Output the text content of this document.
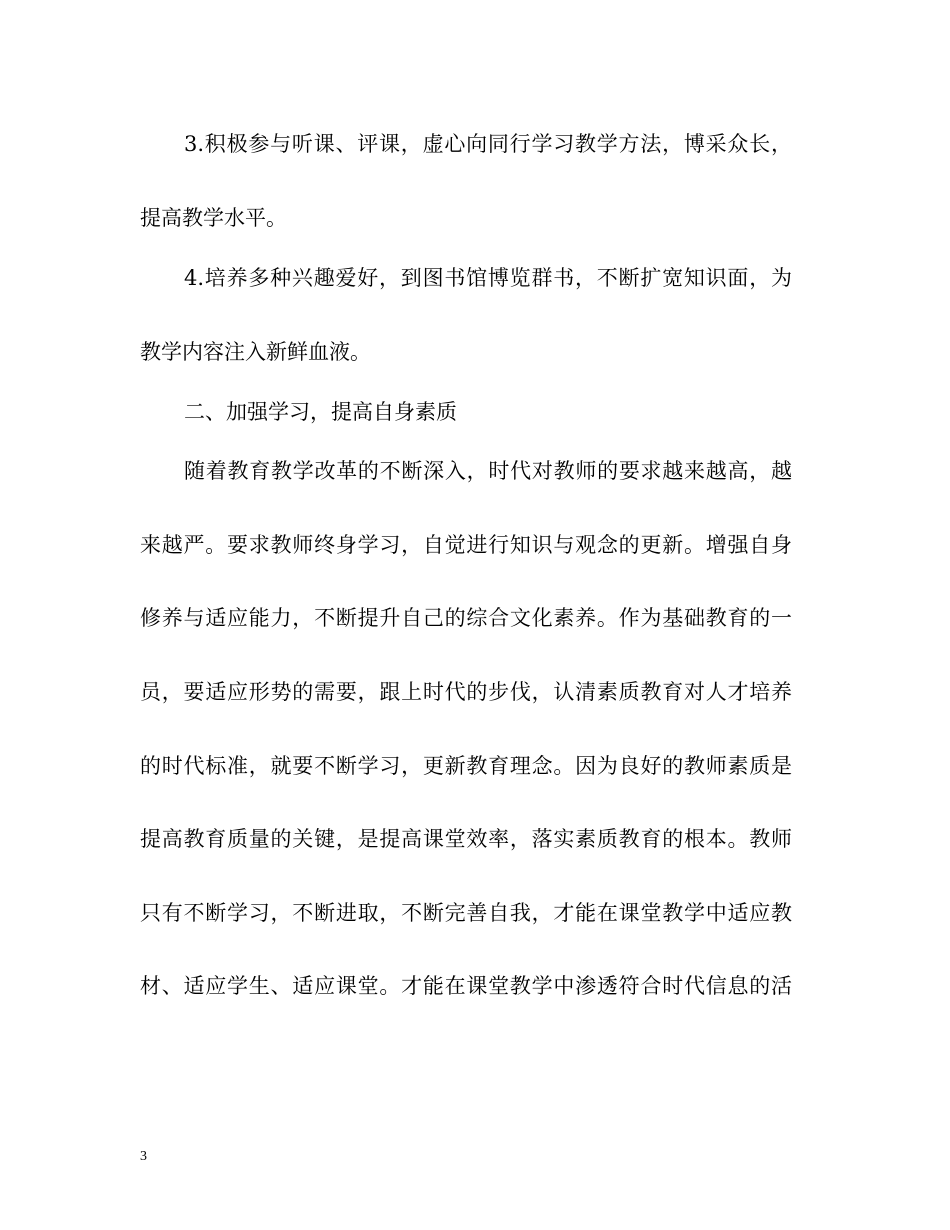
3.积极参与听课、评课，虚心向同行学习教学方法，博采众长，
提高教学水平。
4.培养多种兴趣爱好，到图书馆博览群书，不断扩宽知识面，为
教学内容注入新鲜血液。
二、加强学习，提高自身素质
随着教育教学改革的不断深入，时代对教师的要求越来越高，越
来越严。要求教师终身学习，自觉进行知识与观念的更新。增强自身
修养与适应能力，不断提升自己的综合文化素养。作为基础教育的一
员，要适应形势的需要，跟上时代的步伐，认清素质教育对人才培养
的时代标准，就要不断学习，更新教育理念。因为良好的教师素质是
提高教育质量的关键，是提高课堂效率，落实素质教育的根本。教师
只有不断学习，不断进取，不断完善自我，才能在课堂教学中适应教
材、适应学生、适应课堂。才能在课堂教学中渗透符合时代信息的活
3
